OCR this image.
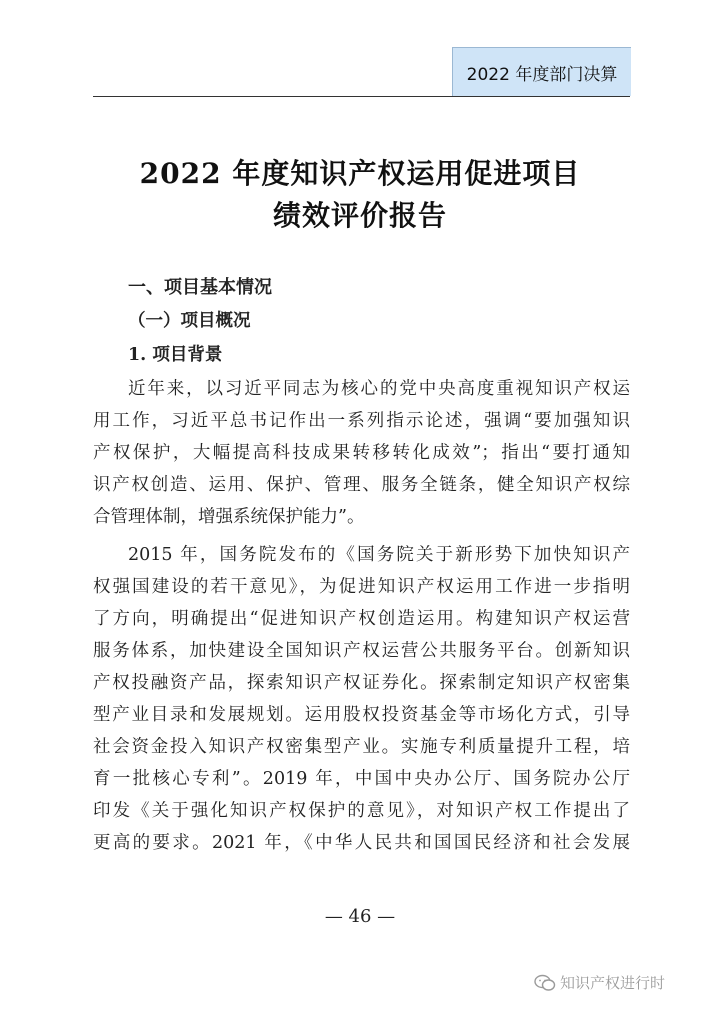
2022 年度部门决算
2022 年度知识产权运用促进项目
绩效评价报告
一、项目基本情况
（一）项目概况
1. 项目背景
近年来，以习近平同志为核心的党中央高度重视知识产权运
用工作，习近平总书记作出一系列指示论述，强调“要加强知识
产权保护，大幅提高科技成果转移转化成效”；指出“要打通知
识产权创造、运用、保护、管理、服务全链条，健全知识产权综
合管理体制，增强系统保护能力”。
2015 年，国务院发布的《国务院关于新形势下加快知识产
权强国建设的若干意见》，为促进知识产权运用工作进一步指明
了方向，明确提出“促进知识产权创造运用。构建知识产权运营
服务体系，加快建设全国知识产权运营公共服务平台。创新知识
产权投融资产品，探索知识产权证券化。探索制定知识产权密集
型产业目录和发展规划。运用股权投资基金等市场化方式，引导
社会资金投入知识产权密集型产业。实施专利质量提升工程，培
育一批核心专利”。2019 年，中国中央办公厅、国务院办公厅
印发《关于强化知识产权保护的意见》，对知识产权工作提出了
更高的要求。2021 年，《中华人民共和国国民经济和社会发展
— 46 —
知识产权进行时
